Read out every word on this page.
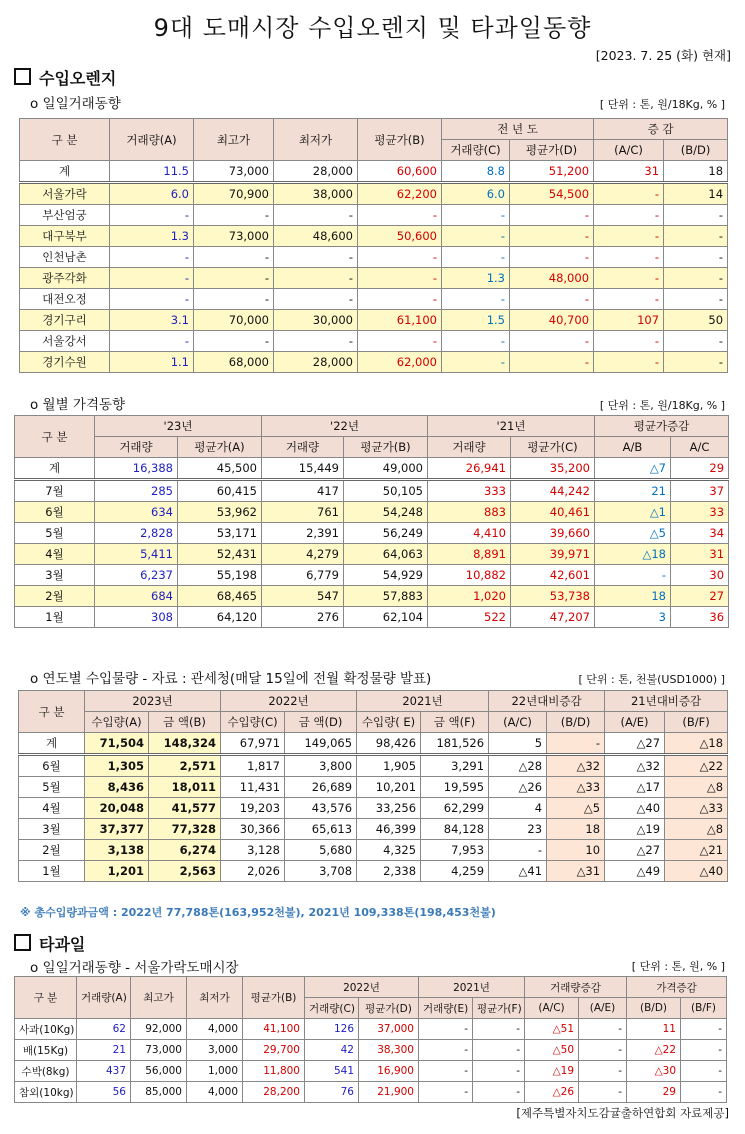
9대 도매시장 수입오렌지 및 타과일동향
[2023. 7. 25 (화) 현재]
수입오렌지
ο 일일거래동향	[ 단위 : 톤, 원/18Kg, % ]
구 분	거래량(A)	최고가	최저가	평균가(B)	전 년 도		증 감	
					거래량(C)	평균가(D)	(A/C)	(B/D)
계	11.5	73,000	28,000	60,600	8.8	51,200	31	18
서울가락	6.0	70,900	38,000	62,200	6.0	54,500	-	14
부산엄궁	-	-	-	-	-	-	-	-
대구북부	1.3	73,000	48,600	50,600	-	-	-	-
인천남촌	-	-	-	-	-	-	-	-
광주각화	-	-	-	-	1.3	48,000	-	-
대전오정	-	-	-	-	-	-	-	-
경기구리	3.1	70,000	30,000	61,100	1.5	40,700	107	50
서울강서	-	-	-	-	-	-	-	-
경기수원	1.1	68,000	28,000	62,000	-	-	-	-
ο 월별 가격동향	[ 단위 : 톤, 원/18Kg, % ]
구 분	'23년		'22년		'21년		평균가증감	
	거래량	평균가(A)	거래량	평균가(B)	거래량	평균가(C)	A/B	A/C
계	16,388	45,500	15,449	49,000	26,941	35,200	△7	29
7월	285	60,415	417	50,105	333	44,242	21	37
6월	634	53,962	761	54,248	883	40,461	△1	33
5월	2,828	53,171	2,391	56,249	4,410	39,660	△5	34
4월	5,411	52,431	4,279	64,063	8,891	39,971	△18	31
3월	6,237	55,198	6,779	54,929	10,882	42,601	-	30
2월	684	68,465	547	57,883	1,020	53,738	18	27
1월	308	64,120	276	62,104	522	47,207	3	36
ο 연도별 수입물량 - 자료 : 관세청(매달 15일에 전월 확정물량 발표)	[ 단위 : 톤, 천불(USD1000) ]
구 분	2023년		2022년		2021년		22년대비증감		21년대비증감	
	수입량(A)	금 액(B)	수입량(C)	금 액(D)	수입량( E)	금 액(F)	(A/C)	(B/D)	(A/E)	(B/F)
계	71,504	148,324	67,971	149,065	98,426	181,526	5	-	△27	△18
6월	1,305	2,571	1,817	3,800	1,905	3,291	△28	△32	△32	△22
5월	8,436	18,011	11,431	26,689	10,201	19,595	△26	△33	△17	△8
4월	20,048	41,577	19,203	43,576	33,256	62,299	4	△5	△40	△33
3월	37,377	77,328	30,366	65,613	46,399	84,128	23	18	△19	△8
2월	3,138	6,274	3,128	5,680	4,325	7,953	-	10	△27	△21
1월	1,201	2,563	2,026	3,708	2,338	4,259	△41	△31	△49	△40
※ 총수입량과금액 : 2022년 77,788톤(163,952천불), 2021년 109,338톤(198,453천불)
타과일
ο 일일거래동향 - 서울가락도매시장	[ 단위 : 톤, 원, % ]
구 분	거래량(A)	최고가	최저가	평균가(B)	2022년		2021년		거래량증감		가격증감	
					거래량(C)	평균가(D)	거래량(E)	평균가(F)	(A/C)	(A/E)	(B/D)	(B/F)
사과(10Kg)	62	92,000	4,000	41,100	126	37,000	-	-	△51	-	11	-
배(15Kg)	21	73,000	3,000	29,700	42	38,300	-	-	△50	-	△22	-
수박(8kg)	437	56,000	1,000	11,800	541	16,900	-	-	△19	-	△30	-
참외(10kg)	56	85,000	4,000	28,200	76	21,900	-	-	△26	-	29	-
[제주특별자치도감귤출하연합회 자료제공]
